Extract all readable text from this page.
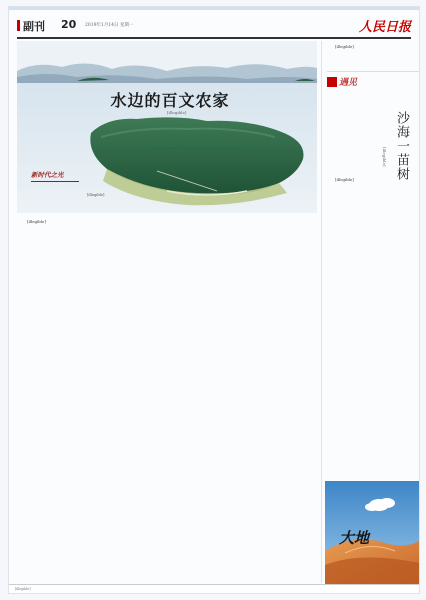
副刊 20 2019年1月14日 星期一	人民日报
水边的百文农家
[illegible]
新时代之光
[illegible]

[illegible]

[illegible]

遇见
沙海一苗树
[illegible]

[illegible]

大地
[illegible]
